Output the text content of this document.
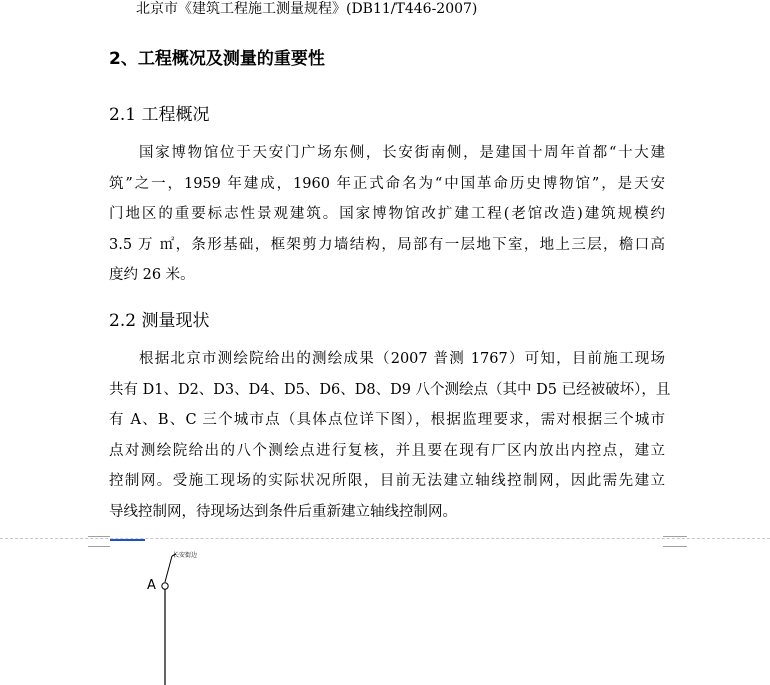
北京市《建筑工程施工测量规程》(DB11/T446-2007)
2、工程概况及测量的重要性
2.1 工程概况
国家博物馆位于天安门广场东侧，长安街南侧，是建国十周年首都“十大建
筑”之一，1959 年建成，1960 年正式命名为“中国革命历史博物馆”，是天安
门地区的重要标志性景观建筑。国家博物馆改扩建工程(老馆改造)建筑规模约
3.5 万 ㎡，条形基础，框架剪力墙结构，局部有一层地下室，地上三层，檐口高
度约 26 米。
2.2 测量现状
根据北京市测绘院给出的测绘成果（2007 普测 1767）可知，目前施工现场
共有 D1、D2、D3、D4、D5、D6、D8、D9 八个测绘点（其中 D5 已经被破坏），且
有 A、B、C 三个城市点（具体点位详下图），根据监理要求，需对根据三个城市
点对测绘院给出的八个测绘点进行复核，并且要在现有厂区内放出内控点，建立
控制网。受施工现场的实际状况所限，目前无法建立轴线控制网，因此需先建立
导线控制网，待现场达到条件后重新建立轴线控制网。
A
长安街边
